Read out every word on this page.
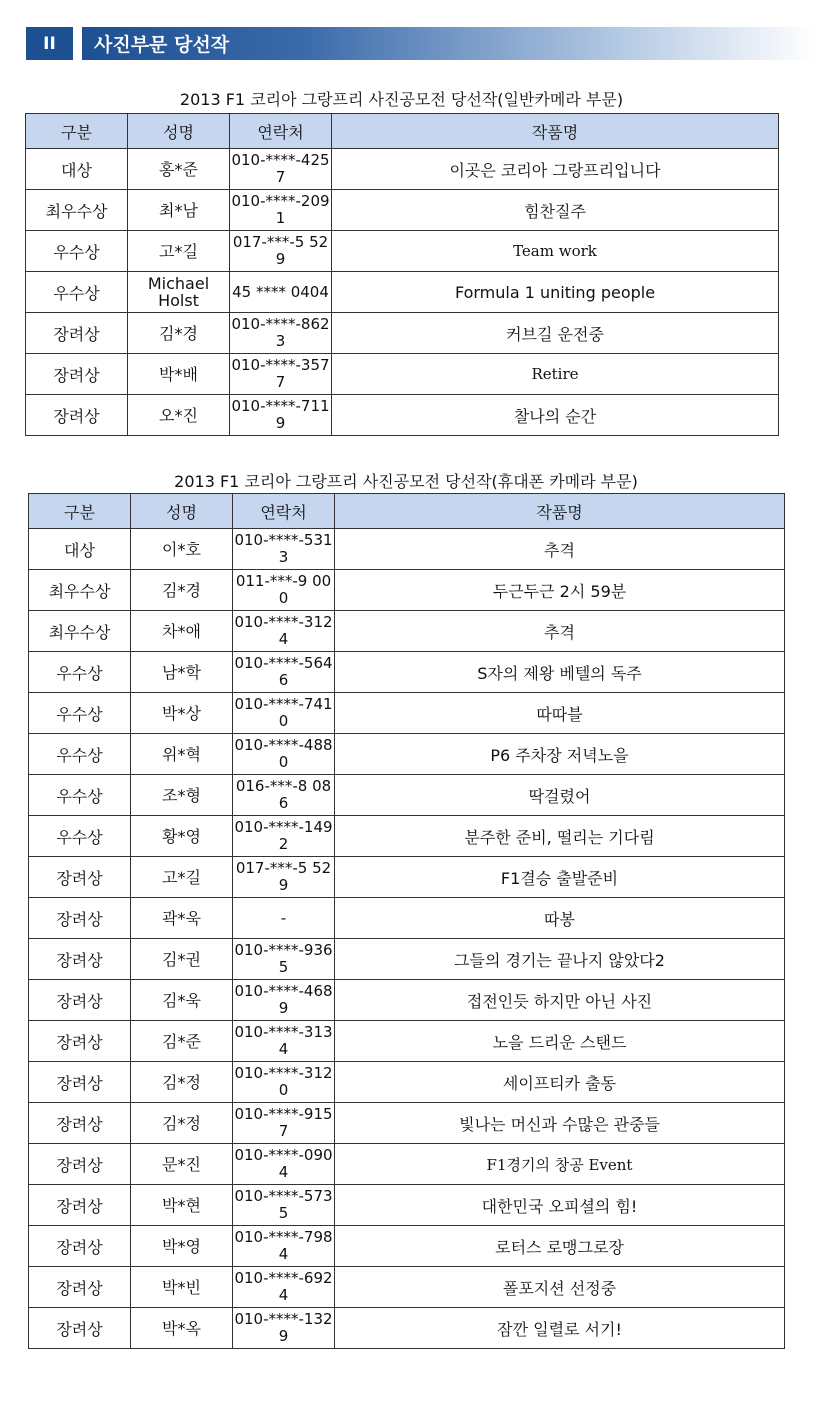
II	사진부문 당선작
2013 F1 코리아 그랑프리 사진공모전 당선작(일반카메라 부문)
구분	성명	연락처	작품명
대상	홍*준	010-****-4257	이곳은 코리아 그랑프리입니다
최우수상	최*남	010-****-2091	힘찬질주
우수상	고*길	017-***-5 529	Team work
우수상	Michael Holst	45 **** 0404	Formula 1 uniting people
장려상	김*경	010-****-8623	커브길 운전중
장려상	박*배	010-****-3577	Retire
장려상	오*진	010-****-7119	찰나의 순간
2013 F1 코리아 그랑프리 사진공모전 당선작(휴대폰 카메라 부문)
구분	성명	연락처	작품명
대상	이*호	010-****-5313	추격
최우수상	김*경	011-***-9 000	두근두근 2시 59분
최우수상	차*애	010-****-3124	추격
우수상	남*학	010-****-5646	S자의 제왕 베텔의 독주
우수상	박*상	010-****-7410	따따블
우수상	위*혁	010-****-4880	P6 주차장 저녁노을
우수상	조*형	016-***-8 086	딱걸렸어
우수상	황*영	010-****-1492	분주한 준비, 떨리는 기다림
장려상	고*길	017-***-5 529	F1결승 출발준비
장려상	곽*욱	-	따봉
장려상	김*권	010-****-9365	그들의 경기는 끝나지 않았다2
장려상	김*욱	010-****-4689	접전인듯 하지만 아닌 사진
장려상	김*준	010-****-3134	노을 드리운 스탠드
장려상	김*정	010-****-3120	세이프티카 출동
장려상	김*정	010-****-9157	빛나는 머신과 수많은 관중들
장려상	문*진	010-****-0904	F1경기의 창공 Event
장려상	박*현	010-****-5735	대한민국 오피셜의 힘!
장려상	박*영	010-****-7984	로터스 로맹그로장
장려상	박*빈	010-****-6924	폴포지션 선정중
장려상	박*옥	010-****-1329	잠깐 일렬로 서기!
